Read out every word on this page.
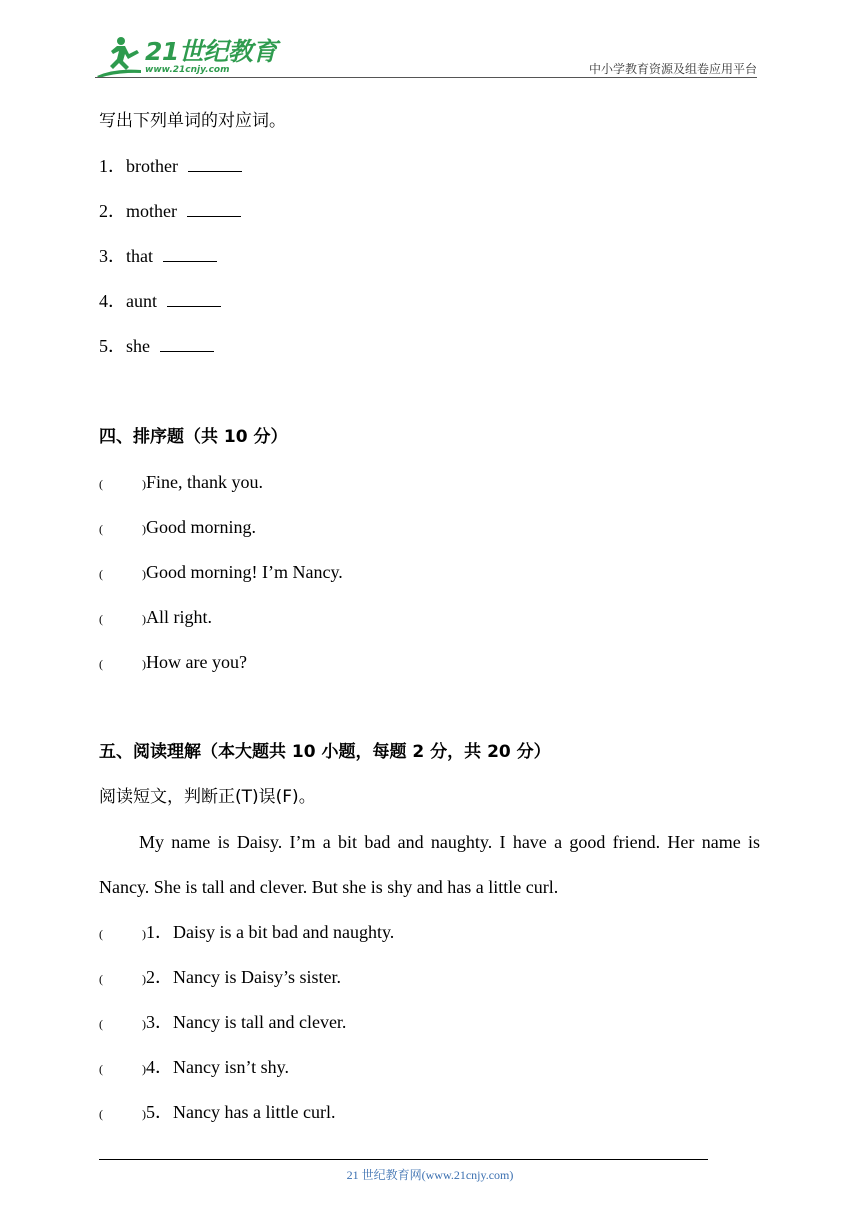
21世纪教育
www.21cnjy.com	中小学教育资源及组卷应用平台
写出下列单词的对应词。
1．brother
2．mother
3．that
4．aunt
5．she
四、排序题（共 10 分）
(	)Fine, thank you.
(	)Good morning.
(	)Good morning! I’m Nancy.
(	)All right.
(	)How are you?
五、阅读理解（本大题共 10 小题，每题 2 分，共 20 分）
阅读短文，判断正(T)误(F)。
My name is Daisy. I’m a bit bad and naughty. I have a good friend. Her name is Nancy. She is tall and clever. But she is shy and has a little curl.
(	)1．Daisy is a bit bad and naughty.
(	)2．Nancy is Daisy’s sister.
(	)3．Nancy is tall and clever.
(	)4．Nancy isn’t shy.
(	)5．Nancy has a little curl.
21 世纪教育网(www.21cnjy.com)
